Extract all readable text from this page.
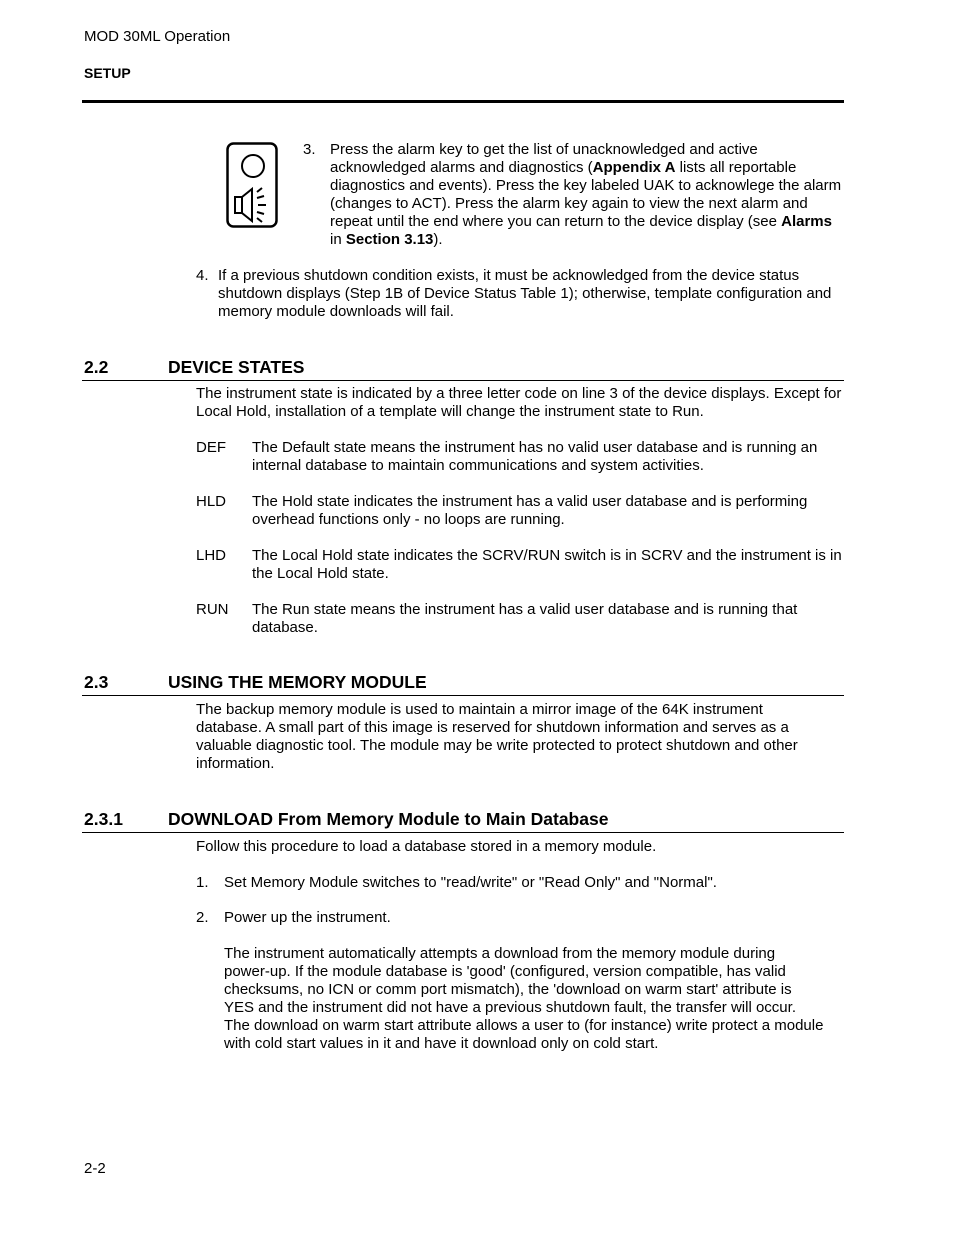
MOD 30ML Operation
SETUP
3. Press the alarm key to get the list of unacknowledged and active acknowledged alarms and diagnostics (Appendix A lists all reportable diagnostics and events). Press the key labeled UAK to acknowlege the alarm (changes to ACT). Press the alarm key again to view the next alarm and repeat until the end where you can return to the device display (see Alarms in Section 3.13).
4. If a previous shutdown condition exists, it must be acknowledged from the device status shutdown displays (Step 1B of Device Status Table 1); otherwise, template configuration and memory module downloads will fail.
2.2	DEVICE STATES
The instrument state is indicated by a three letter code on line 3 of the device displays. Except for Local Hold, installation of a template will change the instrument state to Run.
DEF The Default state means the instrument has no valid user database and is running an internal database to maintain communications and system activities.
HLD The Hold state indicates the instrument has a valid user database and is performing overhead functions only - no loops are running.
LHD The Local Hold state indicates the SCRV/RUN switch is in SCRV and the instrument is in the Local Hold state.
RUN The Run state means the instrument has a valid user database and is running that database.
2.3	USING THE MEMORY MODULE
The backup memory module is used to maintain a mirror image of the 64K instrument database. A small part of this image is reserved for shutdown information and serves as a valuable diagnostic tool. The module may be write protected to protect shutdown and other information.
2.3.1	DOWNLOAD From Memory Module to Main Database
Follow this procedure to load a database stored in a memory module.
1. Set Memory Module switches to "read/write" or "Read Only" and "Normal".
2. Power up the instrument.
The instrument automatically attempts a download from the memory module during power-up. If the module database is 'good' (configured, version compatible, has valid checksums, no ICN or comm port mismatch), the 'download on warm start' attribute is YES and the instrument did not have a previous shutdown fault, the transfer will occur. The download on warm start attribute allows a user to (for instance) write protect a module with cold start values in it and have it download only on cold start.
2-2
